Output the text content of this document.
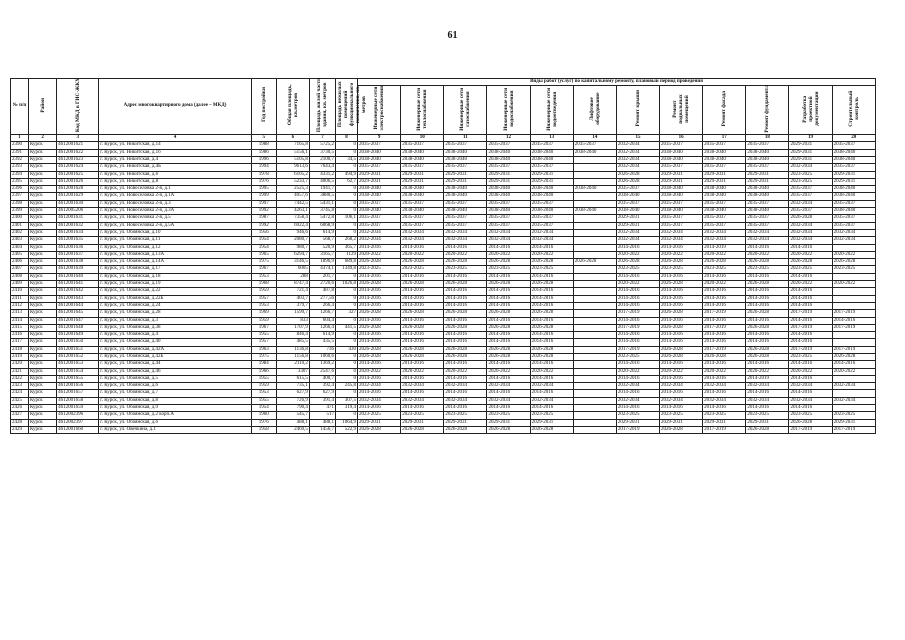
61
№ п/п	Район	Код МКД в ГИС-ЖКХ	Адрес многоквартирного дома (далее – МКД)	Год постройки	Общая площадь, кв.метров	Площадь жилой части здания, кв. метров	Площадь нежилых помещений функционального назначения, кв. метров	Виды работ (услуг) по капитальному ремонту, плановый период проведения											
								Инженерные сети электроснабжения	Инженерные сети теплоснабжения	Инженерные сети газоснабжения	Инженерные сети водоснабжения	Инженерные сети водоотведения	Лифтовое оборудование	Ремонт крыши	Ремонт подвальных помещений	Ремонт фасада	Ремонт фундамента	Разработка проектной документации	Строительный контроль
1	2	3	4	5	6	7	8	9	10	11	12	13	14	15	16	17	18	19	20
2390	Курск	4612001621	г. Курск, ул. Никитская, д.14	1988	7165,8	5725,2	0	2035-2037	2035-2037	2035-2037	2035-2037	2035-2037	2035-2037	2032-2034	2035-2037	2035-2037	2035-2037	2029-2031	2035-2037
2391	Курск	4612001622	г. Курск, ул. Никитская, д.16	1986	5156,1	3730,5	0	2038-2040	2038-2040	2038-2040	2038-2040	2038-2040	2038-2040	2032-2034	2038-2040	2038-2040	2038-2040	2029-2031	2038-2040
2392	Курск	4612001623	г. Курск, ул. Никитская, д.4	1996	5105,8	2100,7	34,5	2038-2040	2038-2040	2038-2040	2038-2040	2038-2040		2032-2034	2038-2040	2038-2040	2038-2040	2029-2031	2038-2040
2393	Курск	4612001624	г. Курск, ул. Никитская, д.4Б	1994	9613,6	7643,4	0	2035-2037	2035-2037	2035-2037	2035-2037	2035-2037		2032-2034	2035-2037	2035-2037	2035-2037	2032-2034	2035-2037
2394	Курск	4612001625	г. Курск, ул. Никитская, д.6	1978	6105,2	4331,2	494,9	2029-2031	2029-2031	2029-2031	2029-2031	2029-2031		2026-2028	2029-2031	2029-2031	2029-2031	2023-2025	2029-2031
2395	Курск	4612001626	г. Курск, ул. Никитская, д.8	1976	5233,7	4006,5	62,7	2029-2031	2029-2031	2029-2031	2029-2031	2029-2031		2026-2028	2029-2031	2029-2031	2029-2031	2023-2025	2029-2031
2396	Курск	4612001628	г. Курск, ул. Новоселовка 2-я, д.1	1995	2525,3	1941,7	0	2038-2040	2038-2040	2038-2040	2038-2040	2038-2040	2038-2040	2035-2037	2038-2040	2038-2040	2038-2040	2035-2037	2038-2040
2397	Курск	4612001629	г. Курск, ул. Новоселовка 2-я, д.1А	1999	4057,6	3880,5	0	2038-2040	2038-2040	2038-2040	2038-2040	2038-2040		2038-2040	2038-2040	2038-2040	2038-2040	2035-2037	2038-2040
2398	Курск	4612001630	г. Курск, ул. Новоселовка 2-я, д.3	1997	7442,5	5431,1	0	2035-2037	2035-2037	2035-2037	2035-2037	2035-2037		2035-2037	2035-2037	2035-2037	2035-2037	2032-2034	2035-2037
2399	Курск	4612005206	г. Курск, ул. Новоселовка 2-я, д.3А	1992	4263,1	3745,8	0	2038-2040	2038-2040	2038-2040	2038-2040	2038-2040	2038-2040	2038-2040	2038-2040	2038-2040	2038-2040	2035-2037	2038-2040
2400	Курск	4612001631	г. Курск, ул. Новоселовка 2-я, д.5	1987	7358,4	5472,8	106,1	2035-2037	2035-2037	2035-2037	2035-2037	2035-2037		2029-2031	2035-2037	2035-2037	2035-2037	2026-2028	2035-2037
2401	Курск	4612001632	г. Курск, ул. Новоселовка 2-я, д.5А	1992	6922,4	6068,9	0	2035-2037	2035-2037	2035-2037	2035-2037	2035-2037		2029-2031	2035-2037	2035-2037	2035-2037	2032-2034	2035-2037
2402	Курск	4612001634	г. Курск, ул. Обоянская, д.10	1956	946,6	614,9	0	2032-2034	2032-2034	2032-2034	2032-2034	2032-2034		2032-2034	2032-2034	2032-2034	2032-2034	2032-2034	2032-2034
2403	Курск	4612001635	г. Курск, ул. Обоянская, д.11	1954	2080,7	568,7	268,2	2032-2034	2032-2034	2032-2034	2032-2034	2032-2034		2032-2034	2032-2034	2032-2034	2032-2034	2032-2034	2032-2034
2404	Курск	4612001636	г. Курск, ул. Обоянская, д.12	1954	980,7	520,9	365,7	2014-2016	2014-2016	2014-2016	2014-2016	2014-2016		2014-2016	2014-2016	2014-2019	2014-2016	2014-2016	
2405	Курск	4612001637	г. Курск, ул. Обоянская, д.13А	1965	6294,7	3165,7	1129	2020-2022	2020-2022	2020-2022	2020-2022	2020-2022		2020-2022	2020-2022	2020-2022	2020-2022	2020-2022	2020-2022
2406	Курск	4612001638	г. Курск, ул. Обоянская, д.14А	1975	3146,5	1896,9	689,8	2026-2028	2026-2028	2026-2028	2026-2028	2026-2028	2026-2028	2026-2028	2026-2028	2026-2028	2026-2028	2026-2028	2026-2028
2407	Курск	4612001639	г. Курск, ул. Обоянская, д.17	1967	6005	4374,1	1349,8	2023-2025	2023-2025	2023-2025	2023-2025	2023-2025		2023-2025	2023-2025	2023-2025	2023-2025	2023-2025	2023-2025
2408	Курск	4612001640	г. Курск, ул. Обоянская, д.18	1953	288	201,7	0	2014-2016	2014-2016	2014-2016	2014-2016	2014-2016		2014-2016	2014-2016	2014-2016	2014-2016	2014-2016	
2409	Курск	4612001641	г. Курск, ул. Обоянская, д.19	1968	8747,4	2720,6	1026,8	2026-2028	2026-2028	2026-2028	2026-2028	2026-2028		2020-2022	2026-2028	2020-2022	2026-2028	2020-2022	2020-2022
2410	Курск	4612001642	г. Курск, ул. Обоянская, д.22	1959	721,4	487,8	0	2014-2016	2014-2016	2014-2016	2014-2016	2014-2016		2014-2016	2014-2016	2014-2016	2014-2016	2014-2016	
2411	Курск	4612001643	г. Курск, ул. Обоянская, д.22Б	1957	403,7	277,56	0	2014-2016	2014-2016	2014-2016	2014-2016	2014-2016		2014-2016	2014-2016	2014-2016	2014-2016	2014-2016	
2412	Курск	4612001644	г. Курск, ул. Обоянская, д.24	1953	379,7	266,4	0	2014-2016	2014-2016	2014-2016	2014-2016	2014-2016		2014-2016	2014-2016	2014-2016	2014-2016	2014-2016	
2413	Курск	4612001645	г. Курск, ул. Обоянская, д.28	1969	1599,7	1266,7	327	2026-2028	2026-2028	2026-2028	2026-2028	2026-2028		2017-2019	2026-2028	2017-2019	2026-2028	2017-2019	2017-2019
2414	Курск	4612001647	г. Курск, ул. Обоянская, д.3	1959	833	604,4	0	2014-2016	2014-2016	2014-2016	2014-2016	2014-2016		2014-2016	2014-2016	2014-2016	2014-2016	2014-2016	2014-2016
2415	Курск	4612001648	г. Курск, ул. Обоянская, д.38	1967	1707,9	1266,4	441,5	2026-2028	2026-2028	2026-2028	2026-2028	2026-2028		2017-2019	2026-2028	2017-2019	2026-2028	2017-2019	2017-2019
2416	Курск	4612001649	г. Курск, ул. Обоянская, д.4	1955	846,4	614,9	0	2014-2016	2014-2016	2014-2016	2014-2016	2014-2016		2014-2016	2014-2016	2014-2016	2014-2016	2014-2016	
2417	Курск	4612001650	г. Курск, ул. Обоянская, д.40	1957	485,5	435,5	0	2014-2016	2014-2016	2014-2016	2014-2016	2014-2016		2014-2016	2014-2016	2014-2016	2014-2016	2014-2016	
2418	Курск	4612001651	г. Курск, ул. Обоянская, д.42А	1963	1136,8	736	430	2026-2028	2026-2028	2026-2028	2026-2028	2026-2028		2017-2019	2026-2028	2017-2019	2026-2028	2017-2019	2017-2019
2419	Курск	4612001652	г. Курск, ул. Обоянская, д.42Б	1975	1156,8	1060,6	0	2026-2028	2026-2028	2026-2028	2026-2028	2026-2028		2023-2025	2026-2028	2026-2028	2026-2028	2023-2025	2026-2028
2420	Курск	4612001653	г. Курск, ул. Обоянская, д.44	1984	2110,2	1369,2	0	2014-2016	2014-2016	2014-2016	2014-2016	2014-2016		2014-2016	2014-2016	2014-2016	2014-2016	2014-2016	2014-2016
2421	Курск	4612001654	г. Курск, ул. Обоянская, д.46	1966	3307	2547,6	0	2020-2022	2020-2022	2020-2022	2020-2022	2020-2022		2020-2022	2020-2022	2020-2022	2020-2022	2020-2022	2020-2022
2422	Курск	4612001655	г. Курск, ул. Обоянская, д.5	1955	615,5	400,7	0	2014-2016	2014-2016	2014-2016	2014-2016	2014-2016		2014-2016	2014-2016	2014-2016	2014-2019	2014-2016	
2423	Курск	4612001656	г. Курск, ул. Обоянская, д.6	1959	735,1	392,4	245,8	2032-2034	2032-2034	2032-2034	2032-2034	2032-2034		2032-2034	2032-2034	2032-2034	2032-2034	2032-2034	2032-2034
2424	Курск	4612001657	г. Курск, ул. Обоянская, д.7	1953	627,9	627,9	0	2014-2016	2014-2016	2014-2016	2014-2016	2014-2016		2014-2016	2014-2016	2014-2016	2014-2016	2014-2016	
2425	Курск	4612001658	г. Курск, ул. Обоянская, д.8	1955	726,9	391,4	307,5	2032-2034	2032-2034	2032-2034	2032-2034	2032-2034		2032-2034	2032-2034	2032-2034	2032-2034	2032-2034	2032-2034
2426	Курск	4612001659	г. Курск, ул. Обоянская, д.9	1954	790,4	471	319,4	2014-2016	2014-2016	2014-2016	2014-2016	2014-2016		2014-2016	2014-2016	2014-2016	2014-2016	2014-2016	
2427	Курск	4612002396	г. Курск, ул. Обоянская, д.2 корп.А	1960	545,7	517	0	2023-2025	2023-2025	2023-2025	2023-2025	2023-2025		2023-2025	2023-2025	2023-2025	2023-2025	2023-2025	2023-2025
2428	Курск	4612002397	г. Курск, ул. Обоянская, д.6	1976	488,1	488,1	1064,9	2029-2031	2029-2031	2029-2031	2029-2031	2029-2031		2029-2031	2029-2031	2029-2031	2029-2031	2026-2028	2029-2031
2429	Курск	4612001660	г. Курск, ул. Овечкина, д.1	1958	2469,5	1456,7	522,9	2026-2028	2026-2028	2026-2028	2026-2028	2026-2028		2017-2019	2026-2028	2017-2019	2026-2028	2017-2019	2017-2019
